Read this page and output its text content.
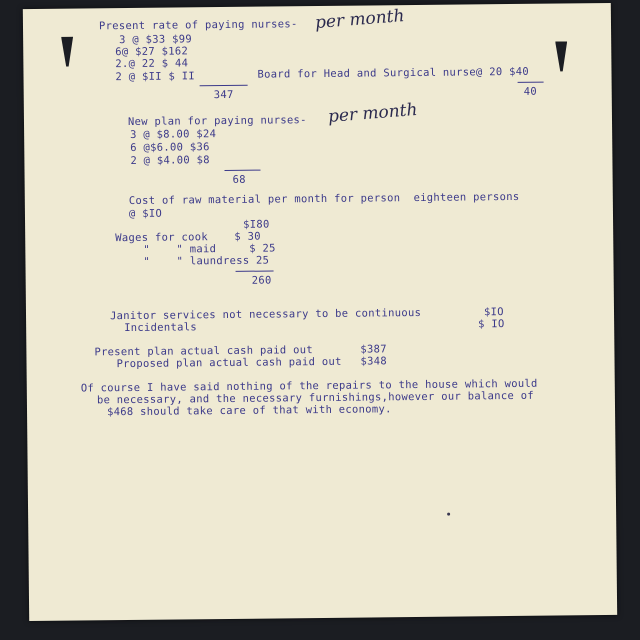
Present rate of paying nurses- per month
3 @ $33 $99
6@ $27 $162
2.@ 22 $ 44
2 @ $II $ II
347
Board for Head and Surgical nurse@ 20 $40
40
New plan for paying nurses- per month
3 @ $8.00 $24
6 @$6.00 $36
2 @ $4.00 $8
68
Cost of raw material per month for person  eighteen persons
@ $IO
$I80
Wages for cook    $ 30
"    " maid     $ 25
"    " laundress 25
260
Janitor services not necessary to be continuous	$IO
Incidentals	$ IO
Present plan actual cash paid out	$387
Proposed plan actual cash paid out $348
Of course I have said nothing of the repairs to the house which would
be necessary, and the necessary furnishings,however our balance of
$468 should take care of that with economy.
